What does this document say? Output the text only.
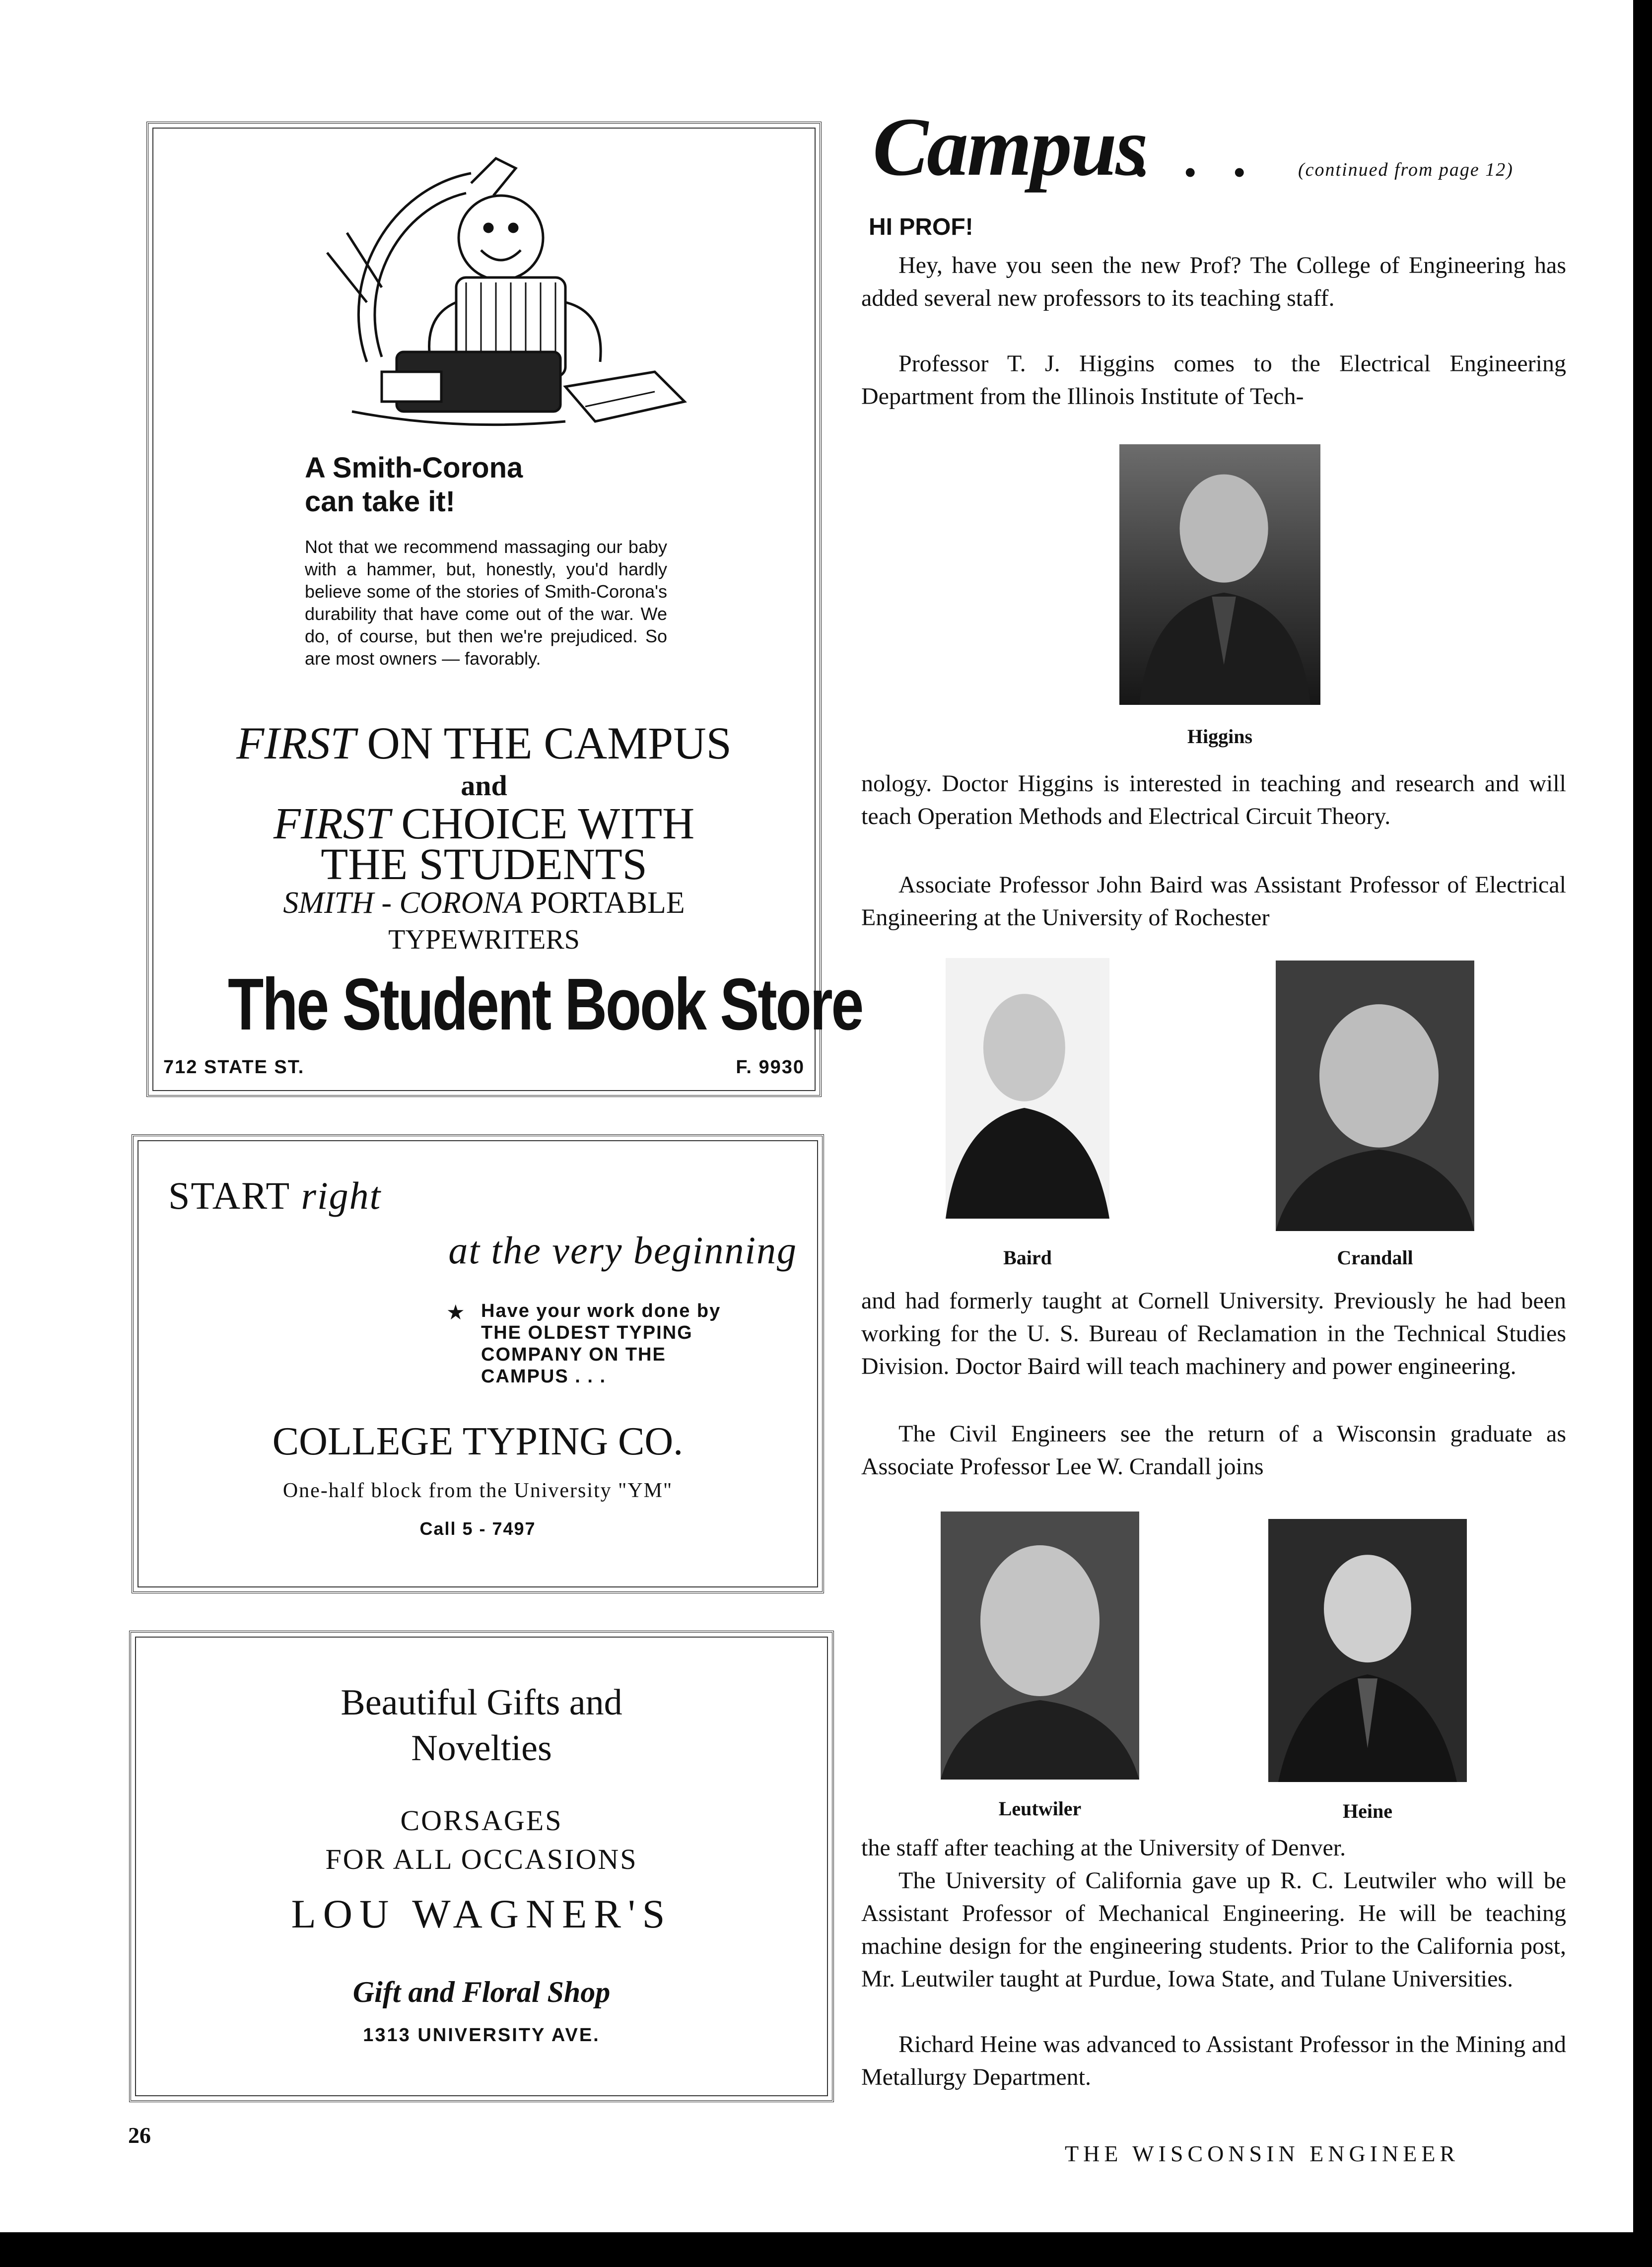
A Smith-Corona
can take it!
Not that we recommend massaging our baby with a hammer, but, honestly, you'd hardly believe some of the stories of Smith-Corona's durability that have come out of the war. We do, of course, but then we're prejudiced. So are most owners — favorably.
FIRST ON THE CAMPUS
and
FIRST CHOICE WITH
THE STUDENTS
SMITH - CORONA PORTABLE
TYPEWRITERS
The Student Book Store
712 STATE ST.	F. 9930
START right
at the very beginning
★ Have your work done by
THE OLDEST TYPING
COMPANY ON THE
CAMPUS . . .
COLLEGE TYPING CO.
One-half block from the University "YM"
Call 5 - 7497
Beautiful Gifts and
Novelties
CORSAGES
FOR ALL OCCASIONS
LOU WAGNER'S
Gift and Floral Shop
1313 UNIVERSITY AVE.
Campus
. . . (continued from page 12)
HI PROF!
Hey, have you seen the new Prof? The College of Engineering has added several new professors to its teaching staff.
Professor T. J. Higgins comes to the Electrical Engineering Department from the Illinois Institute of Tech-
Higgins
nology. Doctor Higgins is interested in teaching and research and will teach Operation Methods and Electrical Circuit Theory.
Associate Professor John Baird was Assistant Professor of Electrical Engineering at the University of Rochester
Baird	Crandall
and had formerly taught at Cornell University. Previously he had been working for the U. S. Bureau of Reclamation in the Technical Studies Division. Doctor Baird will teach machinery and power engineering.
The Civil Engineers see the return of a Wisconsin graduate as Associate Professor Lee W. Crandall joins
Leutwiler	Heine
the staff after teaching at the University of Denver.
The University of California gave up R. C. Leutwiler who will be Assistant Professor of Mechanical Engineering. He will be teaching machine design for the engineering students. Prior to the California post, Mr. Leutwiler taught at Purdue, Iowa State, and Tulane Universities.
Richard Heine was advanced to Assistant Professor in the Mining and Metallurgy Department.
26
THE WISCONSIN ENGINEER
